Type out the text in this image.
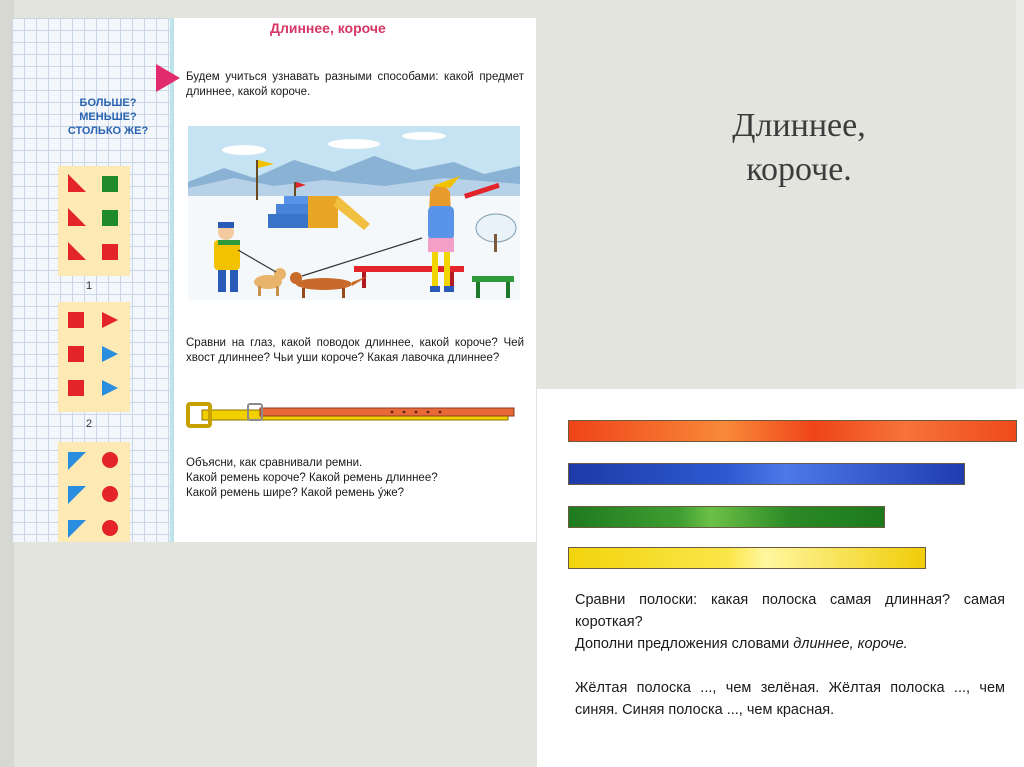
БОЛЬШЕ?
МЕНЬШЕ?
СТОЛЬКО ЖЕ?
1
2
Длиннее, короче
Будем учиться узнавать разными способами: какой предмет длиннее, какой короче.
Сравни на глаз, какой поводок длиннее, какой короче? Чей хвост длиннее? Чьи уши короче? Какая лавочка длиннее?
Объясни, как сравнивали ремни.
Какой ремень короче? Какой ремень длиннее?
Какой ремень шире? Какой ремень у́же?
Длиннее,
короче.
Сравни полоски: какая полоска самая длинная? самая короткая?
Дополни предложения словами длиннее, короче.
Жёлтая полоска ..., чем зелёная. Жёлтая полоска ..., чем синяя. Синяя полоска ..., чем красная.
